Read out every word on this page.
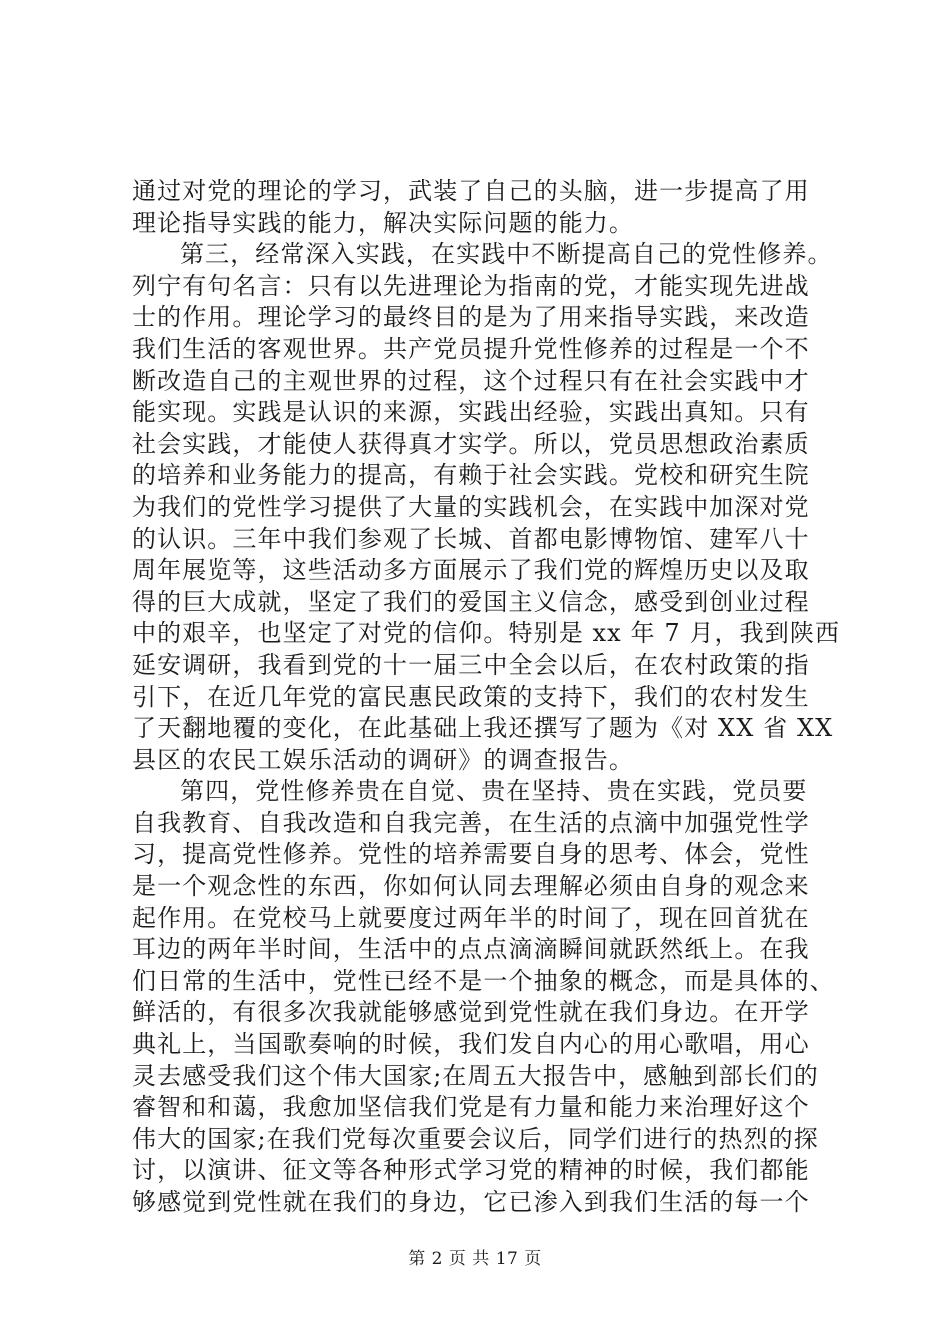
通过对党的理论的学习，武装了自己的头脑，进一步提高了用
理论指导实践的能力，解决实际问题的能力。
第三，经常深入实践，在实践中不断提高自己的党性修养。
列宁有句名言：只有以先进理论为指南的党，才能实现先进战
士的作用。理论学习的最终目的是为了用来指导实践，来改造
我们生活的客观世界。共产党员提升党性修养的过程是一个不
断改造自己的主观世界的过程，这个过程只有在社会实践中才
能实现。实践是认识的来源，实践出经验，实践出真知。只有
社会实践，才能使人获得真才实学。所以，党员思想政治素质
的培养和业务能力的提高，有赖于社会实践。党校和研究生院
为我们的党性学习提供了大量的实践机会，在实践中加深对党
的认识。三年中我们参观了长城、首都电影博物馆、建军八十
周年展览等，这些活动多方面展示了我们党的辉煌历史以及取
得的巨大成就，坚定了我们的爱国主义信念，感受到创业过程
中的艰辛，也坚定了对党的信仰。特别是 xx 年 7 月，我到陕西
延安调研，我看到党的十一届三中全会以后，在农村政策的指
引下，在近几年党的富民惠民政策的支持下，我们的农村发生
了天翻地覆的变化，在此基础上我还撰写了题为《对 XX 省 XX
县区的农民工娱乐活动的调研》的调查报告。
第四，党性修养贵在自觉、贵在坚持、贵在实践，党员要
自我教育、自我改造和自我完善，在生活的点滴中加强党性学
习，提高党性修养。党性的培养需要自身的思考、体会，党性
是一个观念性的东西，你如何认同去理解必须由自身的观念来
起作用。在党校马上就要度过两年半的时间了，现在回首犹在
耳边的两年半时间，生活中的点点滴滴瞬间就跃然纸上。在我
们日常的生活中，党性已经不是一个抽象的概念，而是具体的、
鲜活的，有很多次我就能够感觉到党性就在我们身边。在开学
典礼上，当国歌奏响的时候，我们发自内心的用心歌唱，用心
灵去感受我们这个伟大国家;在周五大报告中，感触到部长们的
睿智和和蔼，我愈加坚信我们党是有力量和能力来治理好这个
伟大的国家;在我们党每次重要会议后，同学们进行的热烈的探
讨，以演讲、征文等各种形式学习党的精神的时候，我们都能
够感觉到党性就在我们的身边，它已渗入到我们生活的每一个
第 2 页 共 17 页
